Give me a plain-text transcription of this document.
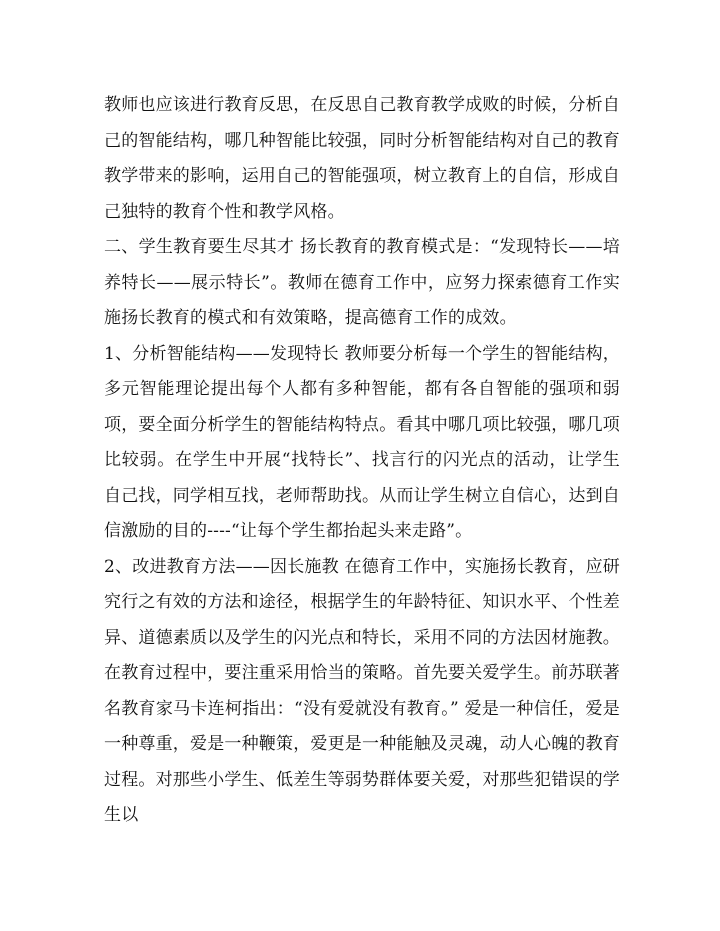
教师也应该进行教育反思，在反思自己教育教学成败的时候，分析自己的智能结构，哪几种智能比较强，同时分析智能结构对自己的教育教学带来的影响，运用自己的智能强项，树立教育上的自信，形成自己独特的教育个性和教学风格。

二、学生教育要生尽其才 扬长教育的教育模式是：“发现特长——培养特长——展示特长”。教师在德育工作中，应努力探索德育工作实施扬长教育的模式和有效策略，提高德育工作的成效。

1、分析智能结构——发现特长 教师要分析每一个学生的智能结构，多元智能理论提出每个人都有多种智能，都有各自智能的强项和弱项，要全面分析学生的智能结构特点。看其中哪几项比较强，哪几项比较弱。在学生中开展“找特长”、找言行的闪光点的活动，让学生自己找，同学相互找，老师帮助找。从而让学生树立自信心，达到自信激励的目的----“让每个学生都抬起头来走路”。

2、改进教育方法——因长施教 在德育工作中，实施扬长教育，应研究行之有效的方法和途径，根据学生的年龄特征、知识水平、个性差异、道德素质以及学生的闪光点和特长，采用不同的方法因材施教。

在教育过程中，要注重采用恰当的策略。首先要关爱学生。前苏联著名教育家马卡连柯指出：“没有爱就没有教育。” 爱是一种信任，爱是一种尊重，爱是一种鞭策，爱更是一种能触及灵魂，动人心魄的教育过程。对那些小学生、低差生等弱势群体要关爱，对那些犯错误的学生以
